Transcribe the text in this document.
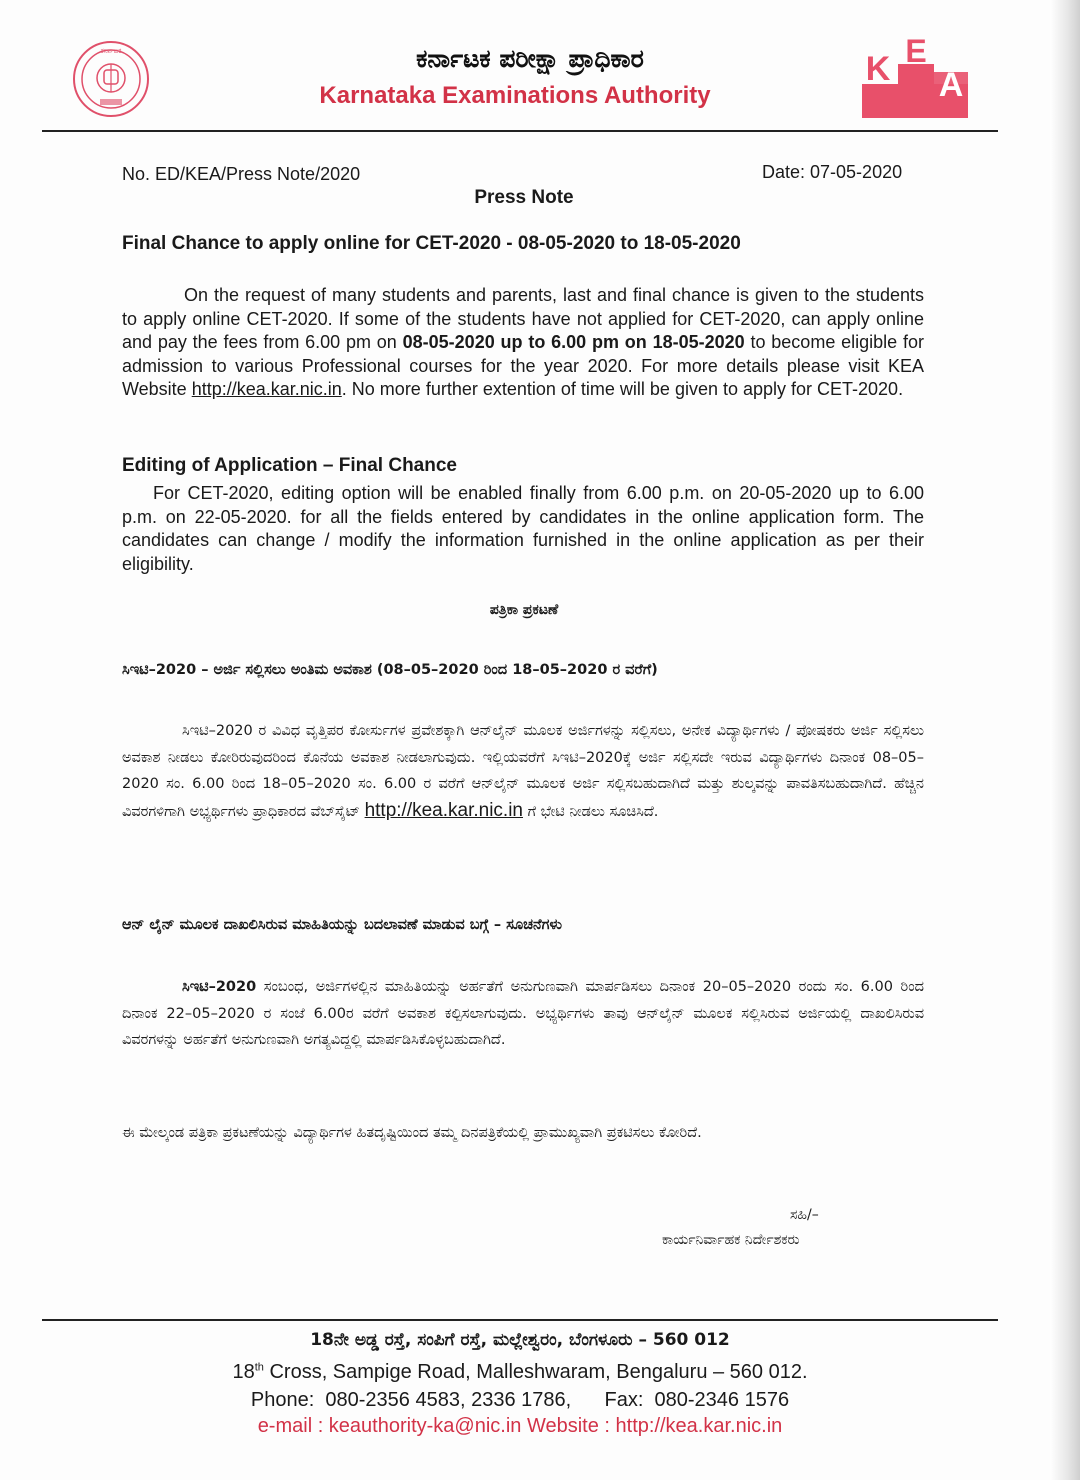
ಕರ್ನಾಟಕ	ಕರ್ನಾಟಕ ಪರೀಕ್ಷಾ ಪ್ರಾಧಿಕಾರ
Karnataka Examinations Authority
K E
A
No. ED/KEA/Press Note/2020	Date: 07-05-2020
Press Note
Final Chance to apply online for CET-2020 - 08-05-2020 to 18-05-2020
On the request of many students and parents, last and final chance is given to the students to apply online CET-2020. If some of the students have not applied for CET-2020, can apply online and pay the fees from 6.00 pm on 08-05-2020 up to 6.00 pm on 18-05-2020 to become eligible for admission to various Professional courses for the year 2020. For more details please visit KEA Website http://kea.kar.nic.in. No more further extention of time will be given to apply for CET-2020.
Editing of Application – Final Chance
For CET-2020, editing option will be enabled finally from 6.00 p.m. on 20-05-2020 up to 6.00 p.m. on 22-05-2020. for all the fields entered by candidates in the online application form. The candidates can change / modify the information furnished in the online application as per their eligibility.
ಪತ್ರಿಕಾ ಪ್ರಕಟಣೆ
ಸಿಇಟಿ–2020 – ಅರ್ಜಿ ಸಲ್ಲಿಸಲು ಅಂತಿಮ ಅವಕಾಶ (08–05–2020 ರಿಂದ 18–05–2020 ರ ವರೆಗೆ)
ಸಿಇಟಿ–2020 ರ ವಿವಿಧ ವೃತ್ತಿಪರ ಕೋರ್ಸುಗಳ ಪ್ರವೇಶಕ್ಕಾಗಿ ಆನ್‌ಲೈನ್ ಮೂಲಕ ಅರ್ಜಿಗಳನ್ನು ಸಲ್ಲಿಸಲು, ಅನೇಕ ವಿದ್ಯಾರ್ಥಿಗಳು / ಪೋಷಕರು ಅರ್ಜಿ ಸಲ್ಲಿಸಲು ಅವಕಾಶ ನೀಡಲು ಕೋರಿರುವುದರಿಂದ ಕೊನೆಯ ಅವಕಾಶ ನೀಡಲಾಗುವುದು. ಇಲ್ಲಿಯವರೆಗೆ ಸಿಇಟಿ–2020ಕ್ಕೆ ಅರ್ಜಿ ಸಲ್ಲಿಸದೇ ಇರುವ ವಿದ್ಯಾರ್ಥಿಗಳು ದಿನಾಂಕ 08–05–2020 ಸಂ. 6.00 ರಿಂದ 18–05–2020 ಸಂ. 6.00 ರ ವರೆಗೆ ಆನ್‌ಲೈನ್ ಮೂಲಕ ಅರ್ಜಿ ಸಲ್ಲಿಸಬಹುದಾಗಿದೆ ಮತ್ತು ಶುಲ್ಕವನ್ನು ಪಾವತಿಸಬಹುದಾಗಿದೆ. ಹೆಚ್ಚಿನ ವಿವರಗಳಿಗಾಗಿ ಅಭ್ಯರ್ಥಿಗಳು ಪ್ರಾಧಿಕಾರದ ವೆಬ್‌ಸೈಟ್ http://kea.kar.nic.in ಗೆ ಭೇಟಿ ನೀಡಲು ಸೂಚಿಸಿದೆ.
ಆನ್ ಲೈನ್ ಮೂಲಕ ದಾಖಲಿಸಿರುವ ಮಾಹಿತಿಯನ್ನು ಬದಲಾವಣೆ ಮಾಡುವ ಬಗ್ಗೆ – ಸೂಚನೆಗಳು
ಸಿಇಟಿ–2020 ಸಂಬಂಧ, ಅರ್ಜಿಗಳಲ್ಲಿನ ಮಾಹಿತಿಯನ್ನು ಅರ್ಹತೆಗೆ ಅನುಗುಣವಾಗಿ ಮಾರ್ಪಡಿಸಲು ದಿನಾಂಕ 20–05–2020 ರಂದು ಸಂ. 6.00 ರಿಂದ ದಿನಾಂಕ 22–05–2020 ರ ಸಂಜೆ 6.00ರ ವರೆಗೆ ಅವಕಾಶ ಕಲ್ಪಿಸಲಾಗುವುದು. ಅಭ್ಯರ್ಥಿಗಳು ತಾವು ಆನ್‌ಲೈನ್ ಮೂಲಕ ಸಲ್ಲಿಸಿರುವ ಅರ್ಜಿಯಲ್ಲಿ ದಾಖಲಿಸಿರುವ ವಿವರಗಳನ್ನು ಅರ್ಹತೆಗೆ ಅನುಗುಣವಾಗಿ ಅಗತ್ಯವಿದ್ದಲ್ಲಿ ಮಾರ್ಪಡಿಸಿಕೊಳ್ಳಬಹುದಾಗಿದೆ.
ಈ ಮೇಲ್ಕಂಡ ಪತ್ರಿಕಾ ಪ್ರಕಟಣೆಯನ್ನು ವಿದ್ಯಾರ್ಥಿಗಳ ಹಿತದೃಷ್ಟಿಯಿಂದ ತಮ್ಮ ದಿನಪತ್ರಿಕೆಯಲ್ಲಿ ಪ್ರಾಮುಖ್ಯವಾಗಿ ಪ್ರಕಟಿಸಲು ಕೋರಿದೆ.
ಸಹಿ/–
ಕಾರ್ಯನಿರ್ವಾಹಕ ನಿರ್ದೇಶಕರು
18ನೇ ಅಡ್ಡ ರಸ್ತೆ, ಸಂಪಿಗೆ ರಸ್ತೆ, ಮಲ್ಲೇಶ್ವರಂ, ಬೆಂಗಳೂರು – 560 012
18th Cross, Sampige Road, Malleshwaram, Bengaluru – 560 012.
Phone:  080-2356 4583, 2336 1786,      Fax:  080-2346 1576
e-mail : keauthority-ka@nic.in Website : http://kea.kar.nic.in
